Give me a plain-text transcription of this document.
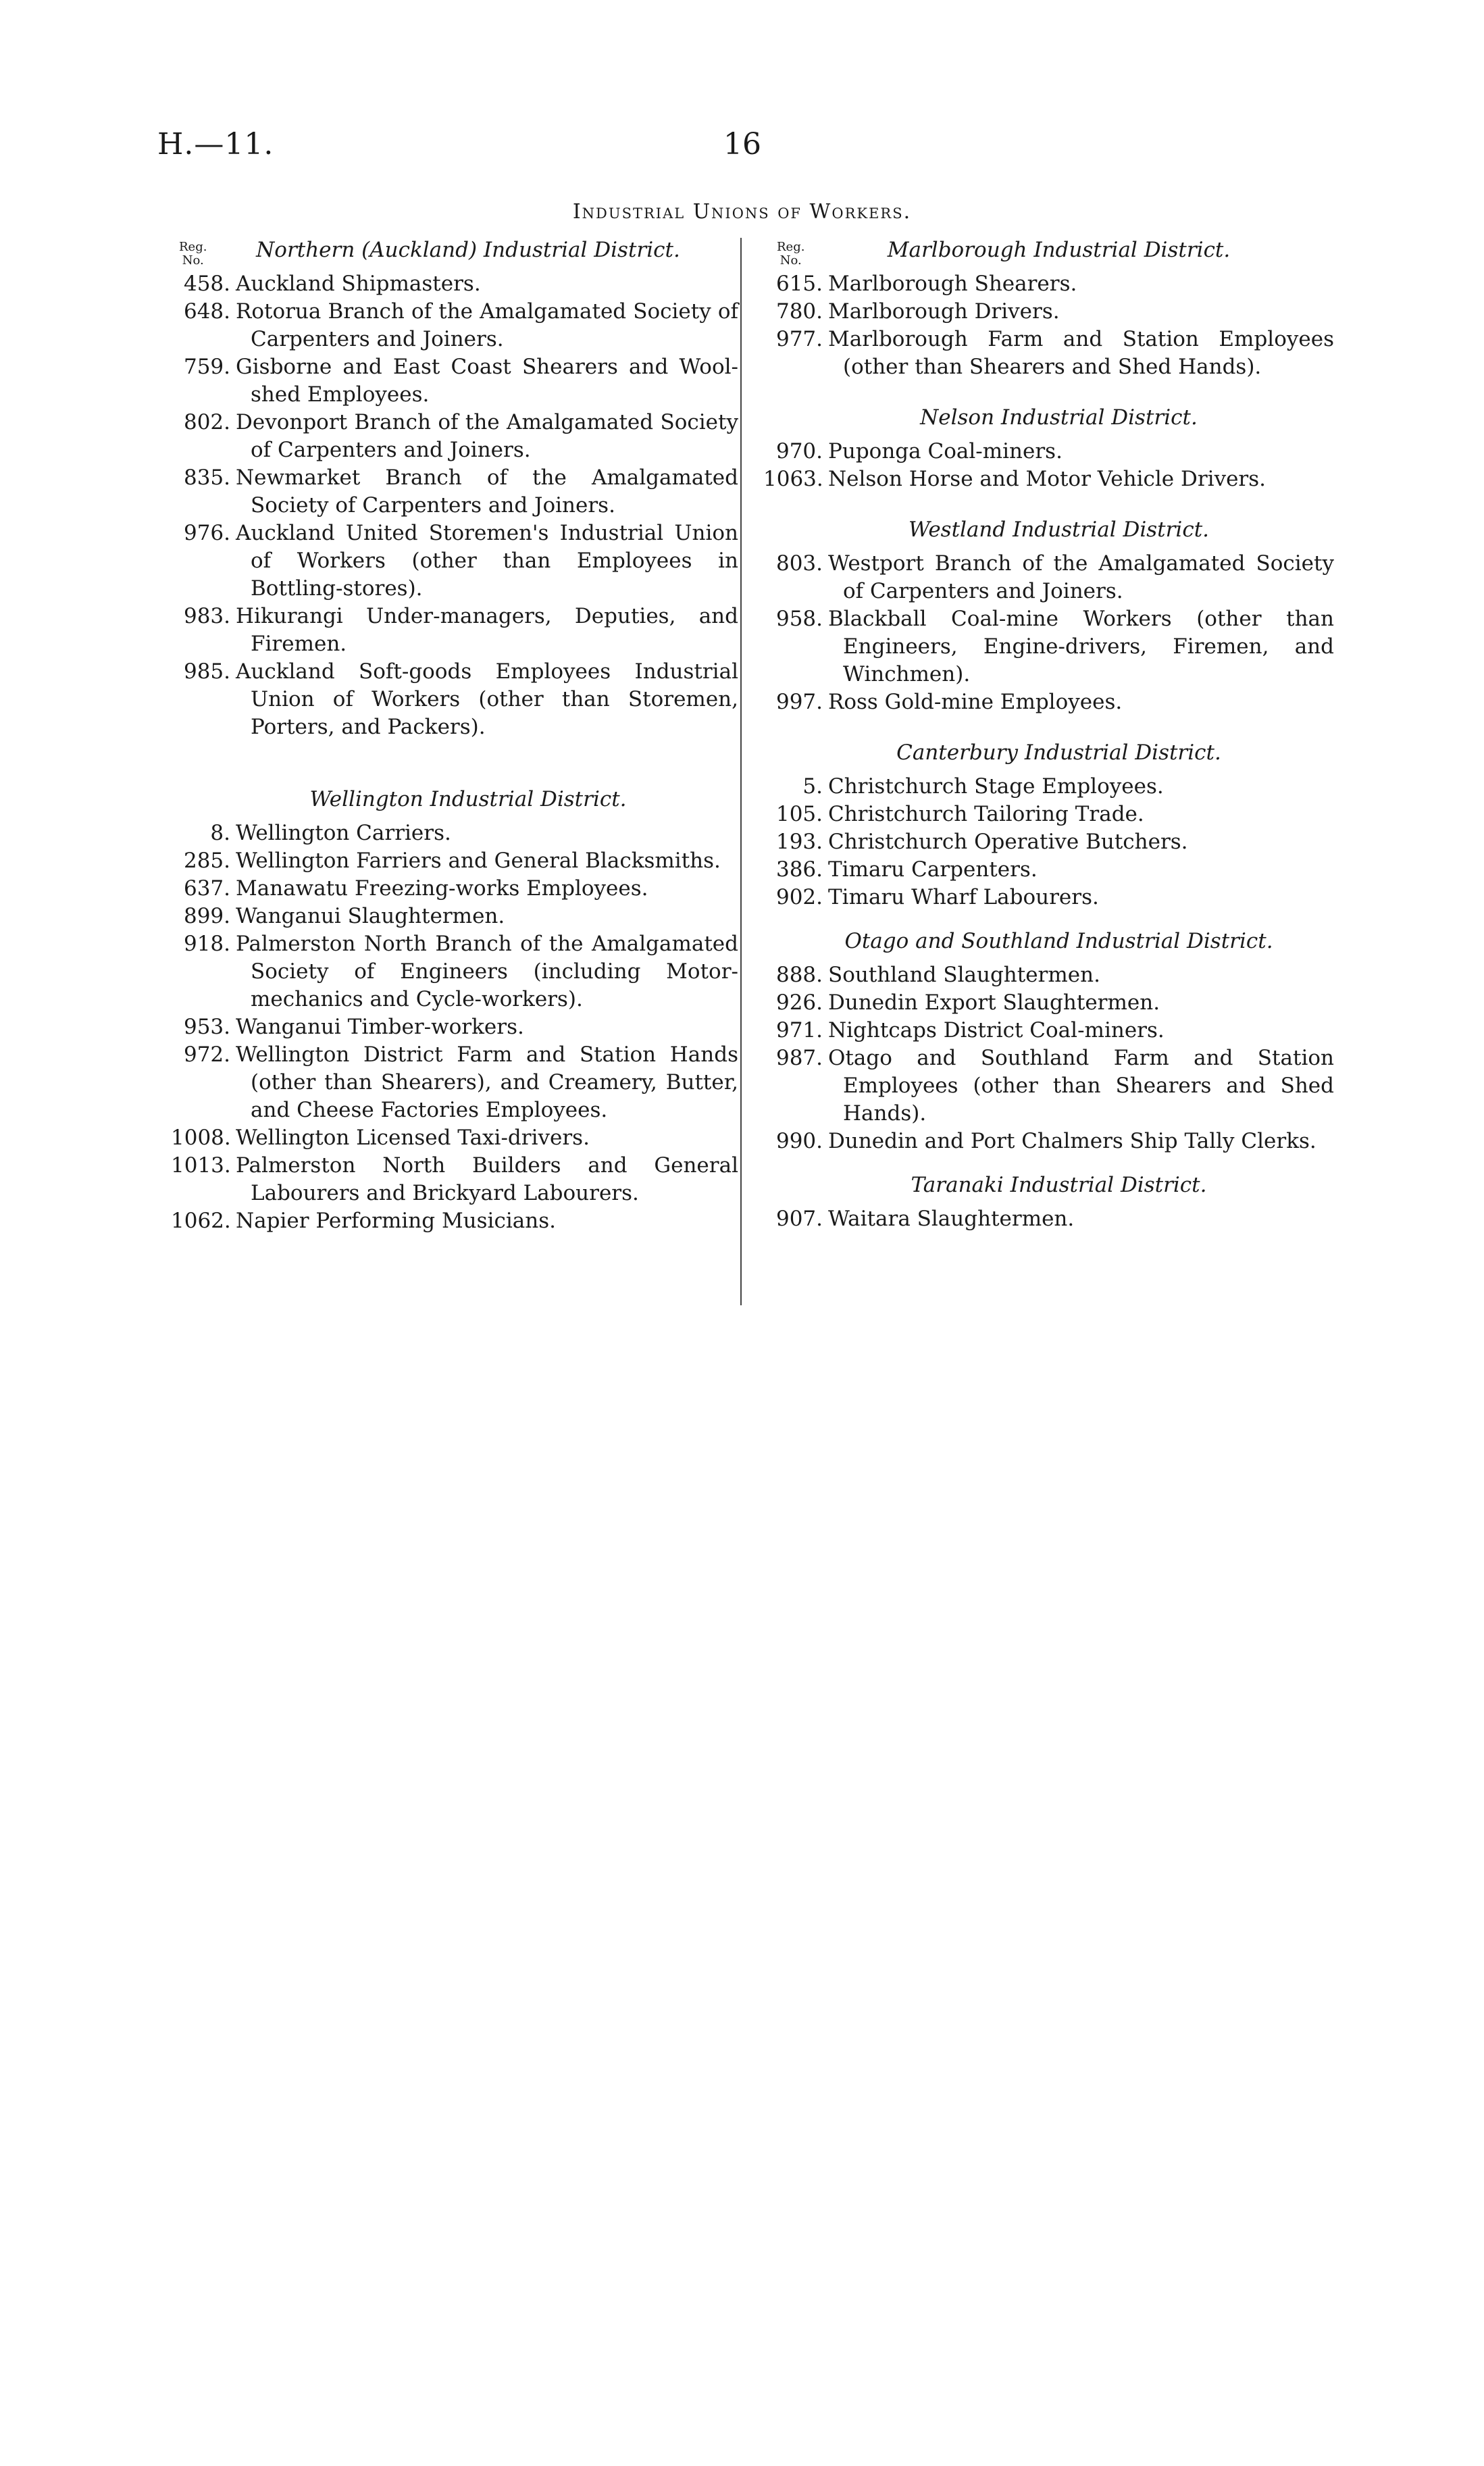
H.—11.	16
Industrial Unions of Workers.
Reg.
No.	Northern (Auckland) Industrial District.
458. Auckland Shipmasters.
648. Rotorua Branch of the Amalgamated Society of Carpenters and Joiners.
759. Gisborne and East Coast Shearers and Wool-shed Employees.
802. Devonport Branch of the Amalgamated Society of Carpenters and Joiners.
835. Newmarket Branch of the Amalgamated Society of Carpenters and Joiners.
976. Auckland United Storemen's Industrial Union of Workers (other than Employees in Bottling-stores).
983. Hikurangi Under-managers, Deputies, and Firemen.
985. Auckland Soft-goods Employees Industrial Union of Workers (other than Storemen, Porters, and Packers).
Wellington Industrial District.
8. Wellington Carriers.
285. Wellington Farriers and General Blacksmiths.
637. Manawatu Freezing-works Employees.
899. Wanganui Slaughtermen.
918. Palmerston North Branch of the Amalgamated Society of Engineers (including Motor-mechanics and Cycle-workers).
953. Wanganui Timber-workers.
972. Wellington District Farm and Station Hands (other than Shearers), and Creamery, Butter, and Cheese Factories Employees.
1008. Wellington Licensed Taxi-drivers.
1013. Palmerston North Builders and General Labourers and Brickyard Labourers.
1062. Napier Performing Musicians.
Reg.
No.	Marlborough Industrial District.
615. Marlborough Shearers.
780. Marlborough Drivers.
977. Marlborough Farm and Station Employees (other than Shearers and Shed Hands).
Nelson Industrial District.
970. Puponga Coal-miners.
1063. Nelson Horse and Motor Vehicle Drivers.
Westland Industrial District.
803. Westport Branch of the Amalgamated Society of Carpenters and Joiners.
958. Blackball Coal-mine Workers (other than Engineers, Engine-drivers, Firemen, and Winchmen).
997. Ross Gold-mine Employees.
Canterbury Industrial District.
5. Christchurch Stage Employees.
105. Christchurch Tailoring Trade.
193. Christchurch Operative Butchers.
386. Timaru Carpenters.
902. Timaru Wharf Labourers.
Otago and Southland Industrial District.
888. Southland Slaughtermen.
926. Dunedin Export Slaughtermen.
971. Nightcaps District Coal-miners.
987. Otago and Southland Farm and Station Employees (other than Shearers and Shed Hands).
990. Dunedin and Port Chalmers Ship Tally Clerks.
Taranaki Industrial District.
907. Waitara Slaughtermen.
